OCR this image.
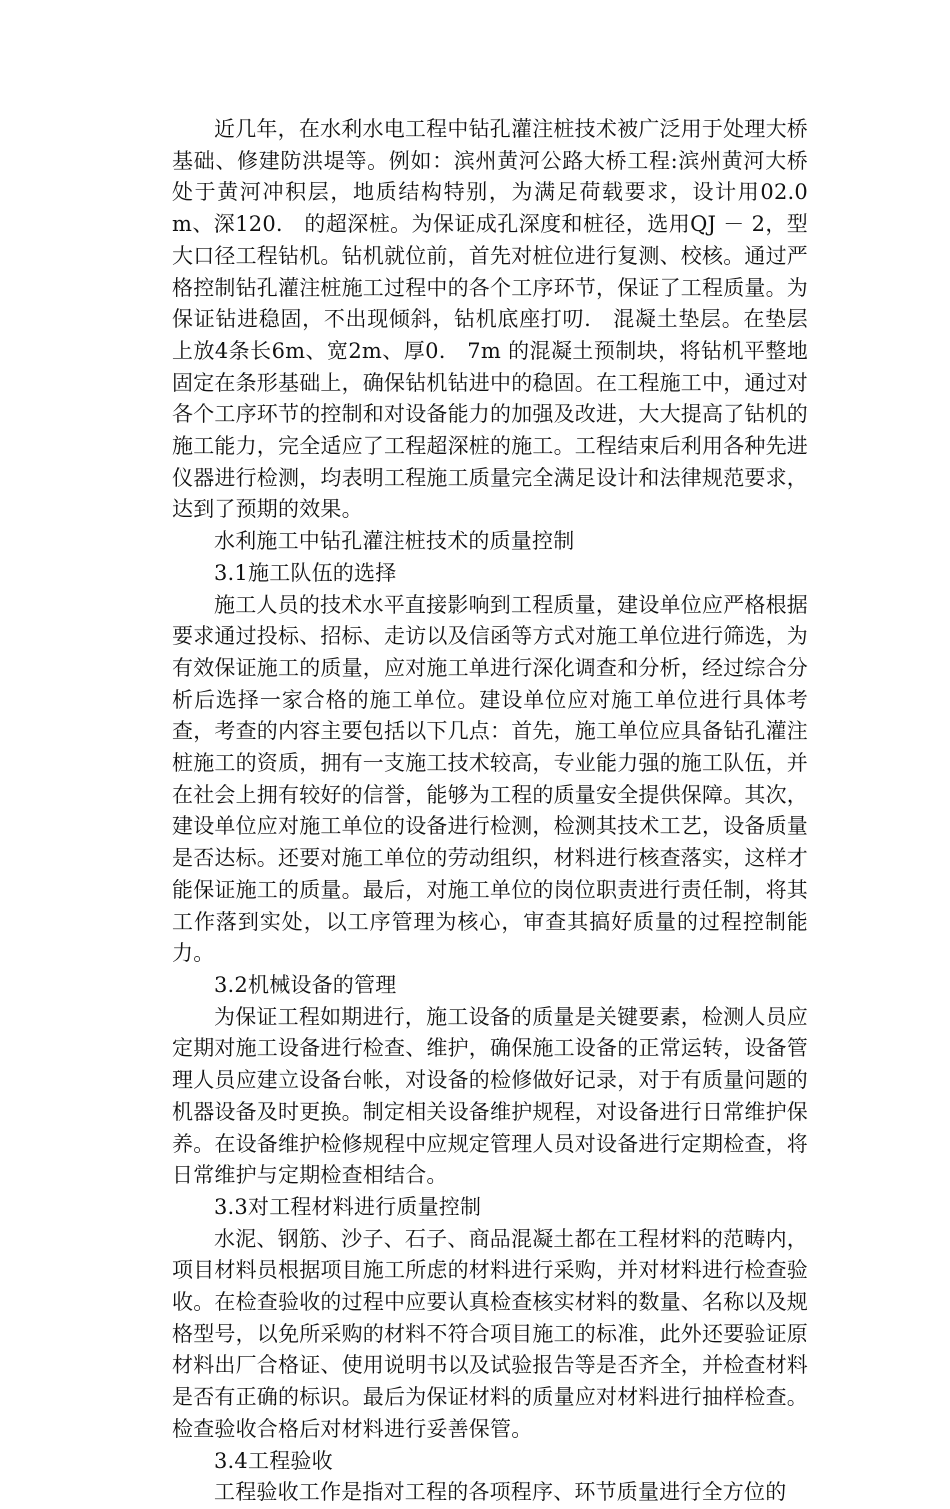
近几年，在水利水电工程中钻孔灌注桩技术被广泛用于处理大桥基础、修建防洪堤等。例如：滨州黄河公路大桥工程:滨州黄河大桥处于黄河冲积层，地质结构特别，为满足荷载要求，设计用02.0m、深120.　的超深桩。为保证成孔深度和桩径，选用QJ － 2，型大口径工程钻机。钻机就位前，首先对桩位进行复测、校核。通过严格控制钻孔灌注桩施工过程中的各个工序环节，保证了工程质量。为保证钻进稳固，不出现倾斜，钻机底座打叨.　混凝土垫层。在垫层上放4条长6m、宽2m、厚0.　7m 的混凝土预制块，将钻机平整地固定在条形基础上，确保钻机钻进中的稳固。在工程施工中，通过对各个工序环节的控制和对设备能力的加强及改进，大大提高了钻机的施工能力，完全适应了工程超深桩的施工。工程结束后利用各种先进仪器进行检测，均表明工程施工质量完全满足设计和法律规范要求，达到了预期的效果。

水利施工中钻孔灌注桩技术的质量控制

3.1施工队伍的选择

施工人员的技术水平直接影响到工程质量，建设单位应严格根据要求通过投标、招标、走访以及信函等方式对施工单位进行筛选，为有效保证施工的质量，应对施工单进行深化调查和分析，经过综合分析后选择一家合格的施工单位。建设单位应对施工单位进行具体考查，考查的内容主要包括以下几点：首先，施工单位应具备钻孔灌注桩施工的资质，拥有一支施工技术较高，专业能力强的施工队伍，并在社会上拥有较好的信誉，能够为工程的质量安全提供保障。其次，建设单位应对施工单位的设备进行检测，检测其技术工艺，设备质量是否达标。还要对施工单位的劳动组织，材料进行核查落实，这样才能保证施工的质量。最后，对施工单位的岗位职责进行责任制，将其工作落到实处，以工序管理为核心，审查其搞好质量的过程控制能力。

3.2机械设备的管理

为保证工程如期进行，施工设备的质量是关键要素，检测人员应定期对施工设备进行检查、维护，确保施工设备的正常运转，设备管理人员应建立设备台帐，对设备的检修做好记录，对于有质量问题的机器设备及时更换。制定相关设备维护规程，对设备进行日常维护保养。在设备维护检修规程中应规定管理人员对设备进行定期检查，将日常维护与定期检查相结合。

3.3对工程材料进行质量控制

水泥、钢筋、沙子、石子、商品混凝土都在工程材料的范畴内，项目材料员根据项目施工所虑的材料进行采购，并对材料进行检查验收。在检查验收的过程中应要认真检查核实材料的数量、名称以及规格型号，以免所采购的材料不符合项目施工的标准，此外还要验证原材料出厂合格证、使用说明书以及试验报告等是否齐全，并检查材料是否有正确的标识。最后为保证材料的质量应对材料进行抽样检查。检查验收合格后对材料进行妥善保管。

3.4工程验收

工程验收工作是指对工程的各项程序、环节质量进行全方位的
